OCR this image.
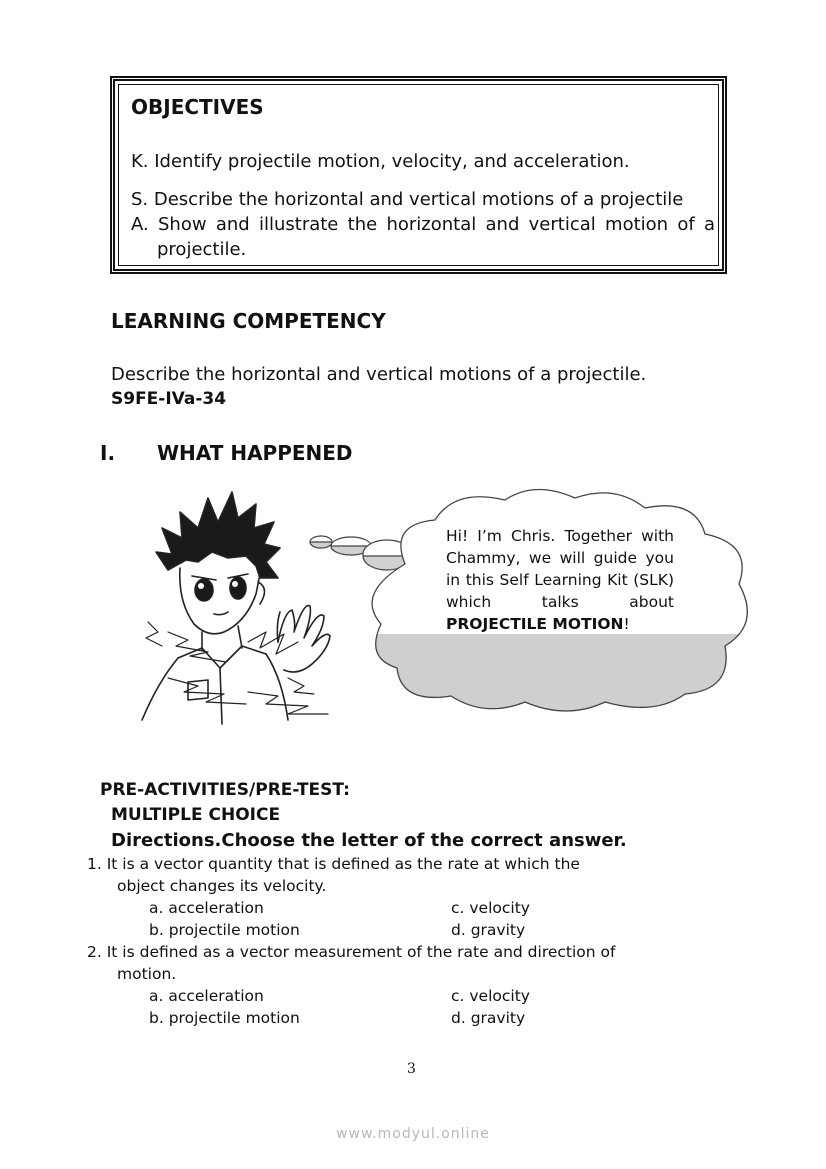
OBJECTIVES
K. Identify projectile motion, velocity, and acceleration.
S. Describe the horizontal and vertical motions of a projectile
A. Show and illustrate the horizontal and vertical motion of a
projectile.
LEARNING COMPETENCY
Describe the horizontal and vertical motions of a projectile.
S9FE-IVa-34
I. WHAT HAPPENED
Hi! I’m Chris. Together with
Chammy, we will guide you
in this Self Learning Kit (SLK)
which talks about
PROJECTILE MOTION!
PRE-ACTIVITIES/PRE-TEST:
MULTIPLE CHOICE
Directions.Choose the letter of the correct answer.
1. It is a vector quantity that is defined as the rate at which the
object changes its velocity.
a. acceleration	c. velocity
b. projectile motion	d. gravity
2. It is defined as a vector measurement of the rate and direction of
motion.
a. acceleration	c. velocity
b. projectile motion	d. gravity
3
www.modyul.online
